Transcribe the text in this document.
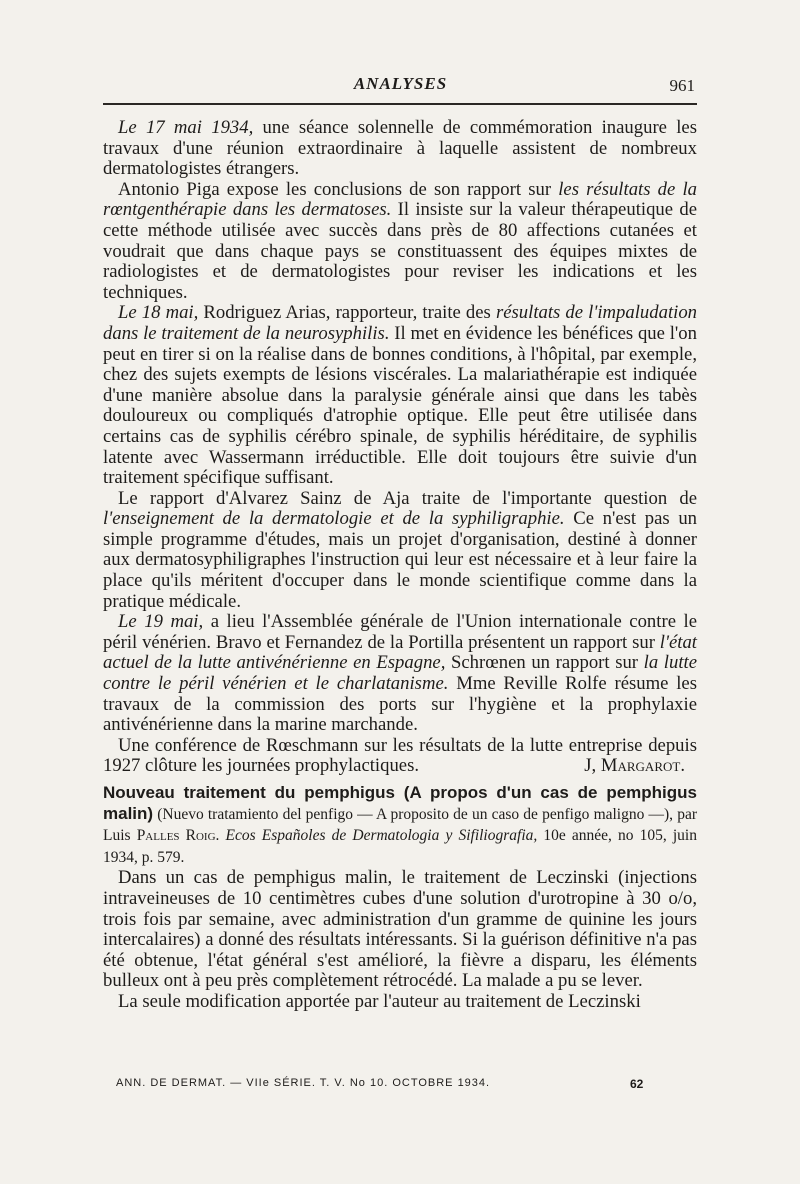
ANALYSES	961

Le 17 mai 1934, une séance solennelle de commémoration inaugure les travaux d'une réunion extraordinaire à laquelle assistent de nombreux dermatologistes étrangers.

Antonio Piga expose les conclusions de son rapport sur les résultats de la rœntgenthérapie dans les dermatoses. Il insiste sur la valeur thérapeutique de cette méthode utilisée avec succès dans près de 80 affections cutanées et voudrait que dans chaque pays se constituassent des équipes mixtes de radiologistes et de dermatologistes pour reviser les indications et les techniques.

Le 18 mai, Rodriguez Arias, rapporteur, traite des résultats de l'impaludation dans le traitement de la neurosyphilis. Il met en évidence les bénéfices que l'on peut en tirer si on la réalise dans de bonnes conditions, à l'hôpital, par exemple, chez des sujets exempts de lésions viscérales. La malariathérapie est indiquée d'une manière absolue dans la paralysie générale ainsi que dans les tabès douloureux ou compliqués d'atrophie optique. Elle peut être utilisée dans certains cas de syphilis cérébro spinale, de syphilis héréditaire, de syphilis latente avec Wassermann irréductible. Elle doit toujours être suivie d'un traitement spécifique suffisant.

Le rapport d'Alvarez Sainz de Aja traite de l'importante question de l'enseignement de la dermatologie et de la syphiligraphie. Ce n'est pas un simple programme d'études, mais un projet d'organisation, destiné à donner aux dermatosyphiligraphes l'instruction qui leur est nécessaire et à leur faire la place qu'ils méritent d'occuper dans le monde scientifique comme dans la pratique médicale.

Le 19 mai, a lieu l'Assemblée générale de l'Union internationale contre le péril vénérien. Bravo et Fernandez de la Portilla présentent un rapport sur l'état actuel de la lutte antivénérienne en Espagne, Schrœnen un rapport sur la lutte contre le péril vénérien et le charlatanisme. Mme Reville Rolfe résume les travaux de la commission des ports sur l'hygiène et la prophylaxie antivénérienne dans la marine marchande.

Une conférence de Rœschmann sur les résultats de la lutte entreprise depuis 1927 clôture les journées prophylactiques.	J, Margarot.

Nouveau traitement du pemphigus (A propos d'un cas de pemphigus malin) (Nuevo tratamiento del penfigo — A proposito de un caso de penfigo maligno —), par Luis Palles Roig. Ecos Españoles de Dermatologia y Sifiliografia, 10e année, no 105, juin 1934, p. 579.

Dans un cas de pemphigus malin, le traitement de Leczinski (injections intraveineuses de 10 centimètres cubes d'une solution d'urotropine à 30 o/o, trois fois par semaine, avec administration d'un gramme de quinine les jours intercalaires) a donné des résultats intéressants. Si la guérison définitive n'a pas été obtenue, l'état général s'est amélioré, la fièvre a disparu, les éléments bulleux ont à peu près complètement rétrocédé. La malade a pu se lever.

La seule modification apportée par l'auteur au traitement de Leczinski

ANN. DE DERMAT. — VIIe SÉRIE. T. V. No 10. OCTOBRE 1934.	62
